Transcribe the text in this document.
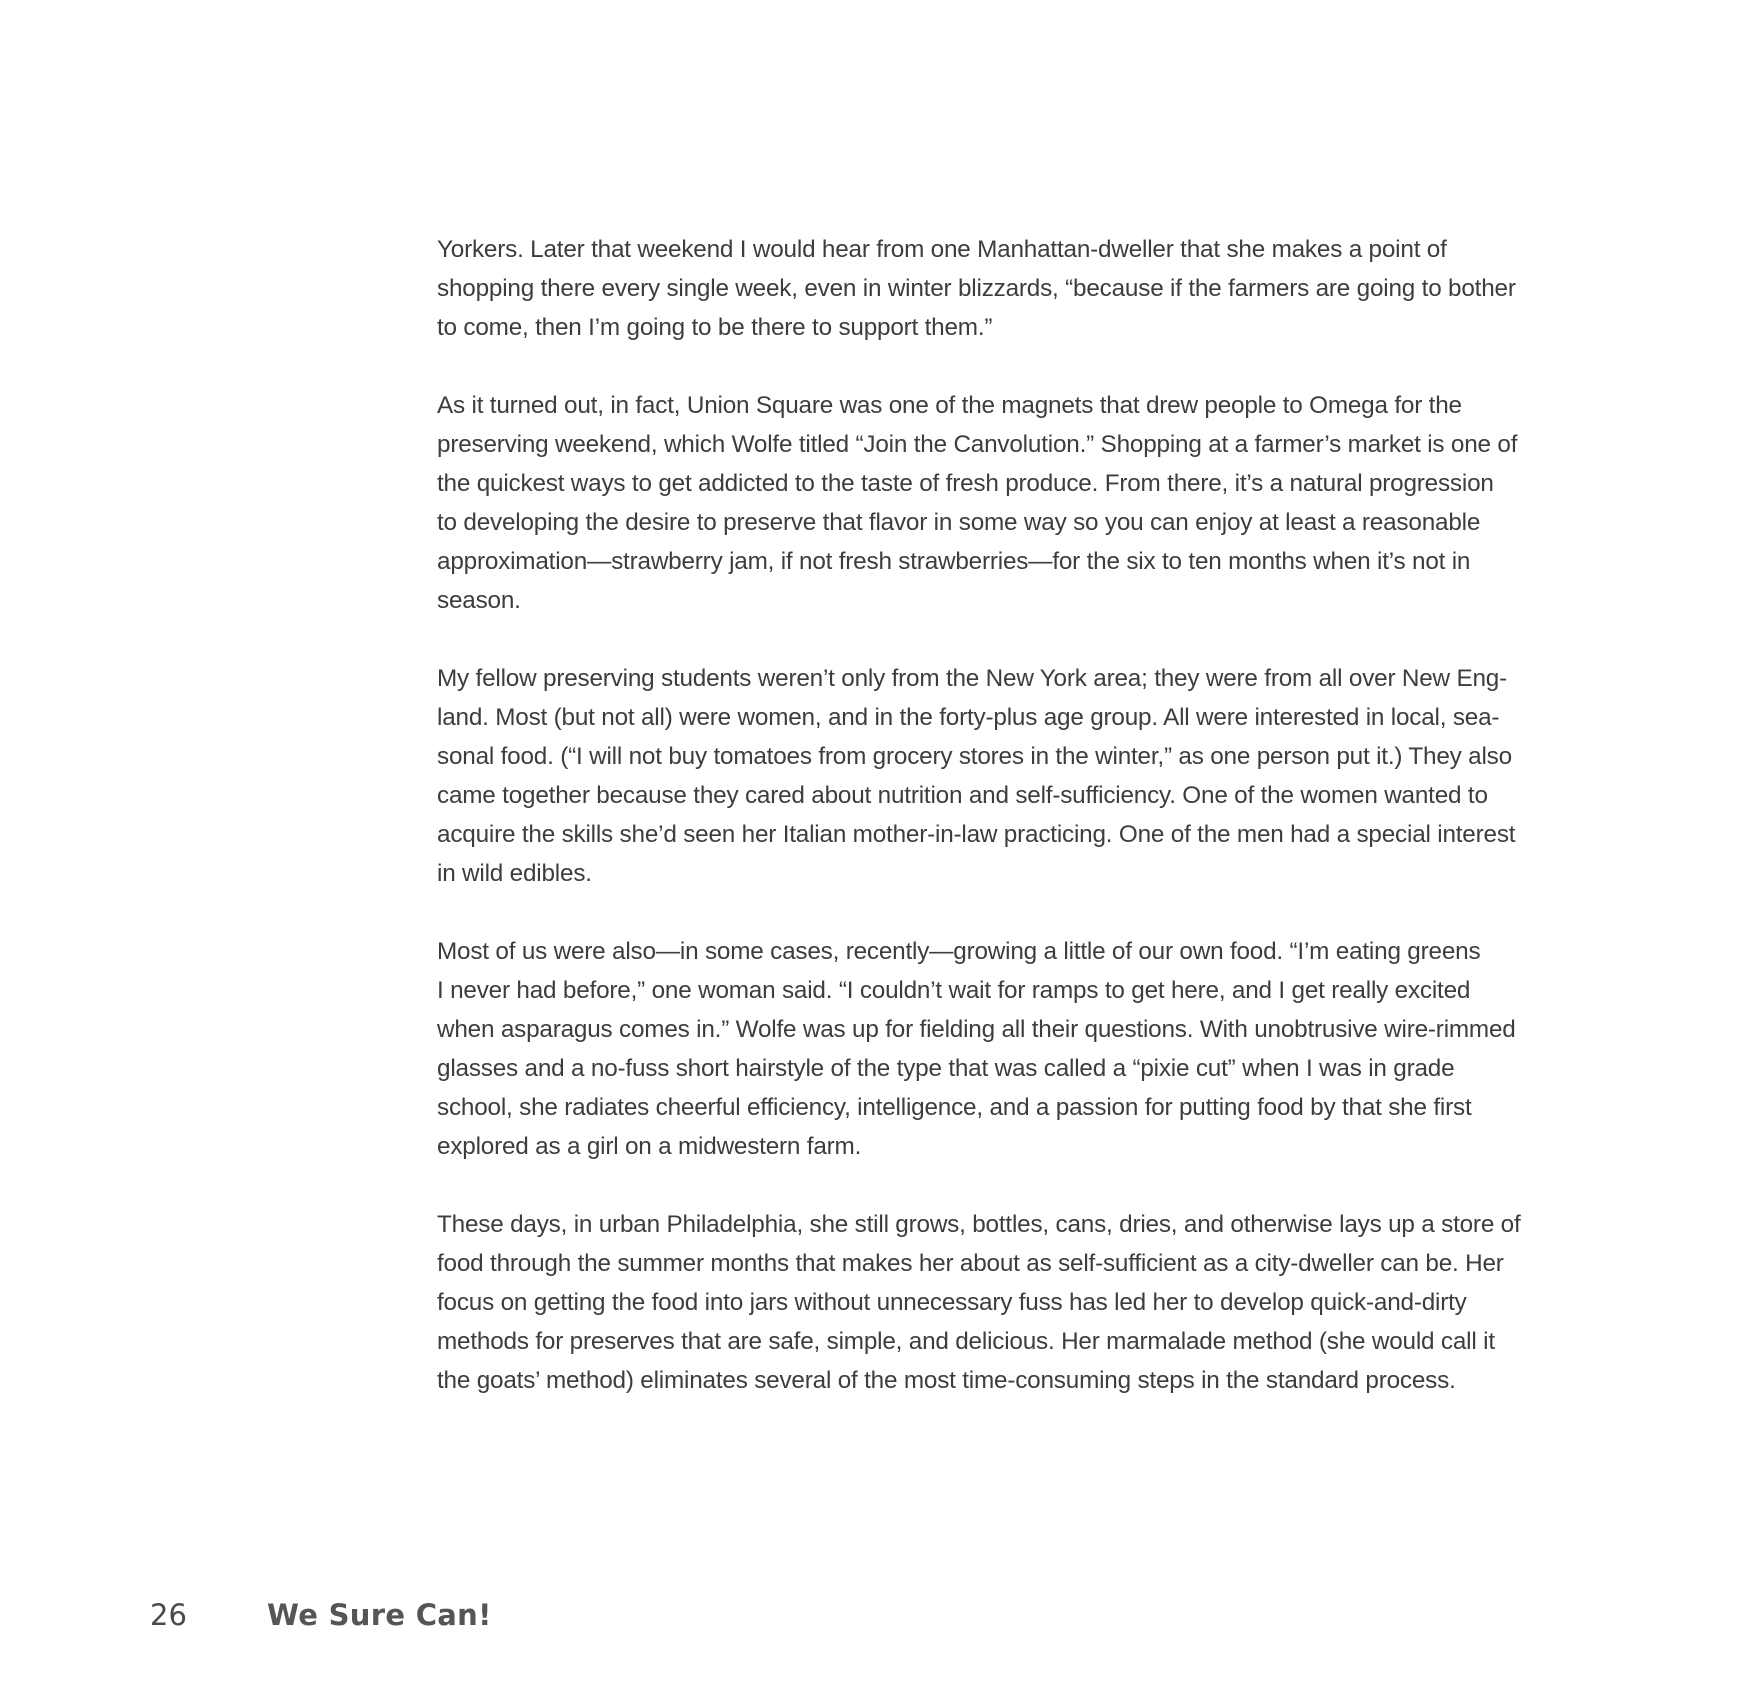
Yorkers. Later that weekend I would hear from one Manhattan-dweller that she makes a point of
shopping there every single week, even in winter blizzards, “because if the farmers are going to bother
to come, then I’m going to be there to support them.”

As it turned out, in fact, Union Square was one of the magnets that drew people to Omega for the
preserving weekend, which Wolfe titled “Join the Canvolution.” Shopping at a farmer’s market is one of
the quickest ways to get addicted to the taste of fresh produce. From there, it’s a natural progression
to developing the desire to preserve that flavor in some way so you can enjoy at least a reasonable
approximation—strawberry jam, if not fresh strawberries—for the six to ten months when it’s not in
season.

My fellow preserving students weren’t only from the New York area; they were from all over New Eng-
land. Most (but not all) were women, and in the forty-plus age group. All were interested in local, sea-
sonal food. (“I will not buy tomatoes from grocery stores in the winter,” as one person put it.) They also
came together because they cared about nutrition and self-sufficiency. One of the women wanted to
acquire the skills she’d seen her Italian mother-in-law practicing. One of the men had a special interest
in wild edibles.

Most of us were also—in some cases, recently—growing a little of our own food. “I’m eating greens
I never had before,” one woman said. “I couldn’t wait for ramps to get here, and I get really excited
when asparagus comes in.” Wolfe was up for fielding all their questions. With unobtrusive wire-rimmed
glasses and a no-fuss short hairstyle of the type that was called a “pixie cut” when I was in grade
school, she radiates cheerful efficiency, intelligence, and a passion for putting food by that she first
explored as a girl on a midwestern farm.

These days, in urban Philadelphia, she still grows, bottles, cans, dries, and otherwise lays up a store of
food through the summer months that makes her about as self-sufficient as a city-dweller can be. Her
focus on getting the food into jars without unnecessary fuss has led her to develop quick-and-dirty
methods for preserves that are safe, simple, and delicious. Her marmalade method (she would call it
the goats’ method) eliminates several of the most time-consuming steps in the standard process.

26	We Sure Can!
